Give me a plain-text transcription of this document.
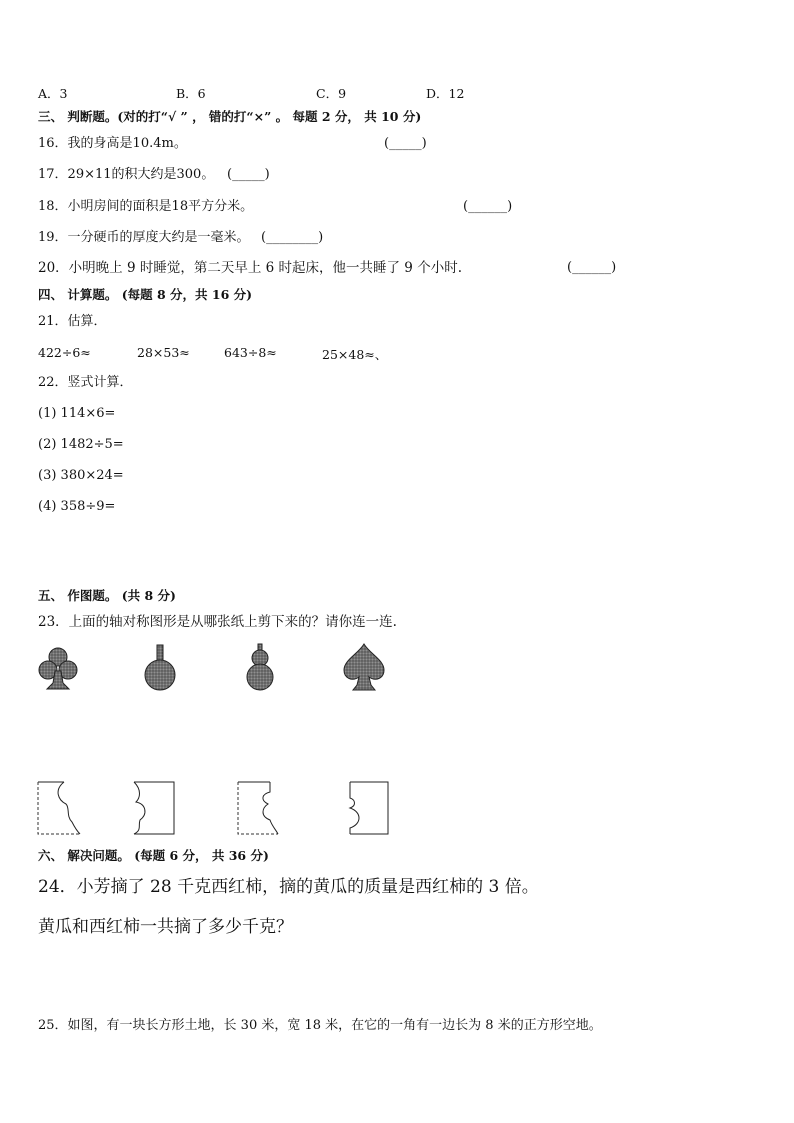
A．3	B．6	C．9	D．12
三、 判断题。(对的打“√ ” ， 错的打“×” 。 每题 2 分， 共 10 分)
16．我的身高是10.4m。	(_____)
17．29×11的积大约是300。 (_____)
18．小明房间的面积是18平方分米。	(______)
19．一分硬币的厚度大约是一毫米。 (________)
20．小明晚上 9 时睡觉，第二天早上 6 时起床，他一共睡了 9 个小时.	(______)
四、 计算题。 (每题 8 分，共 16 分)
21．估算．
422÷6≈	28×53≈	643÷8≈	25×48≈、
22．竖式计算．
(1) 114×6=
(2) 1482÷5=
(3) 380×24=
(4) 358÷9=
五、 作图题。 (共 8 分)
23．上面的轴对称图形是从哪张纸上剪下来的？请你连一连.
六、 解决问题。 (每题 6 分， 共 36 分)
24．小芳摘了 28 千克西红柿，摘的黄瓜的质量是西红柿的 3 倍。
黄瓜和西红柿一共摘了多少千克？
25．如图，有一块长方形土地，长 30 米，宽 18 米，在它的一角有一边长为 8 米的正方形空地。
